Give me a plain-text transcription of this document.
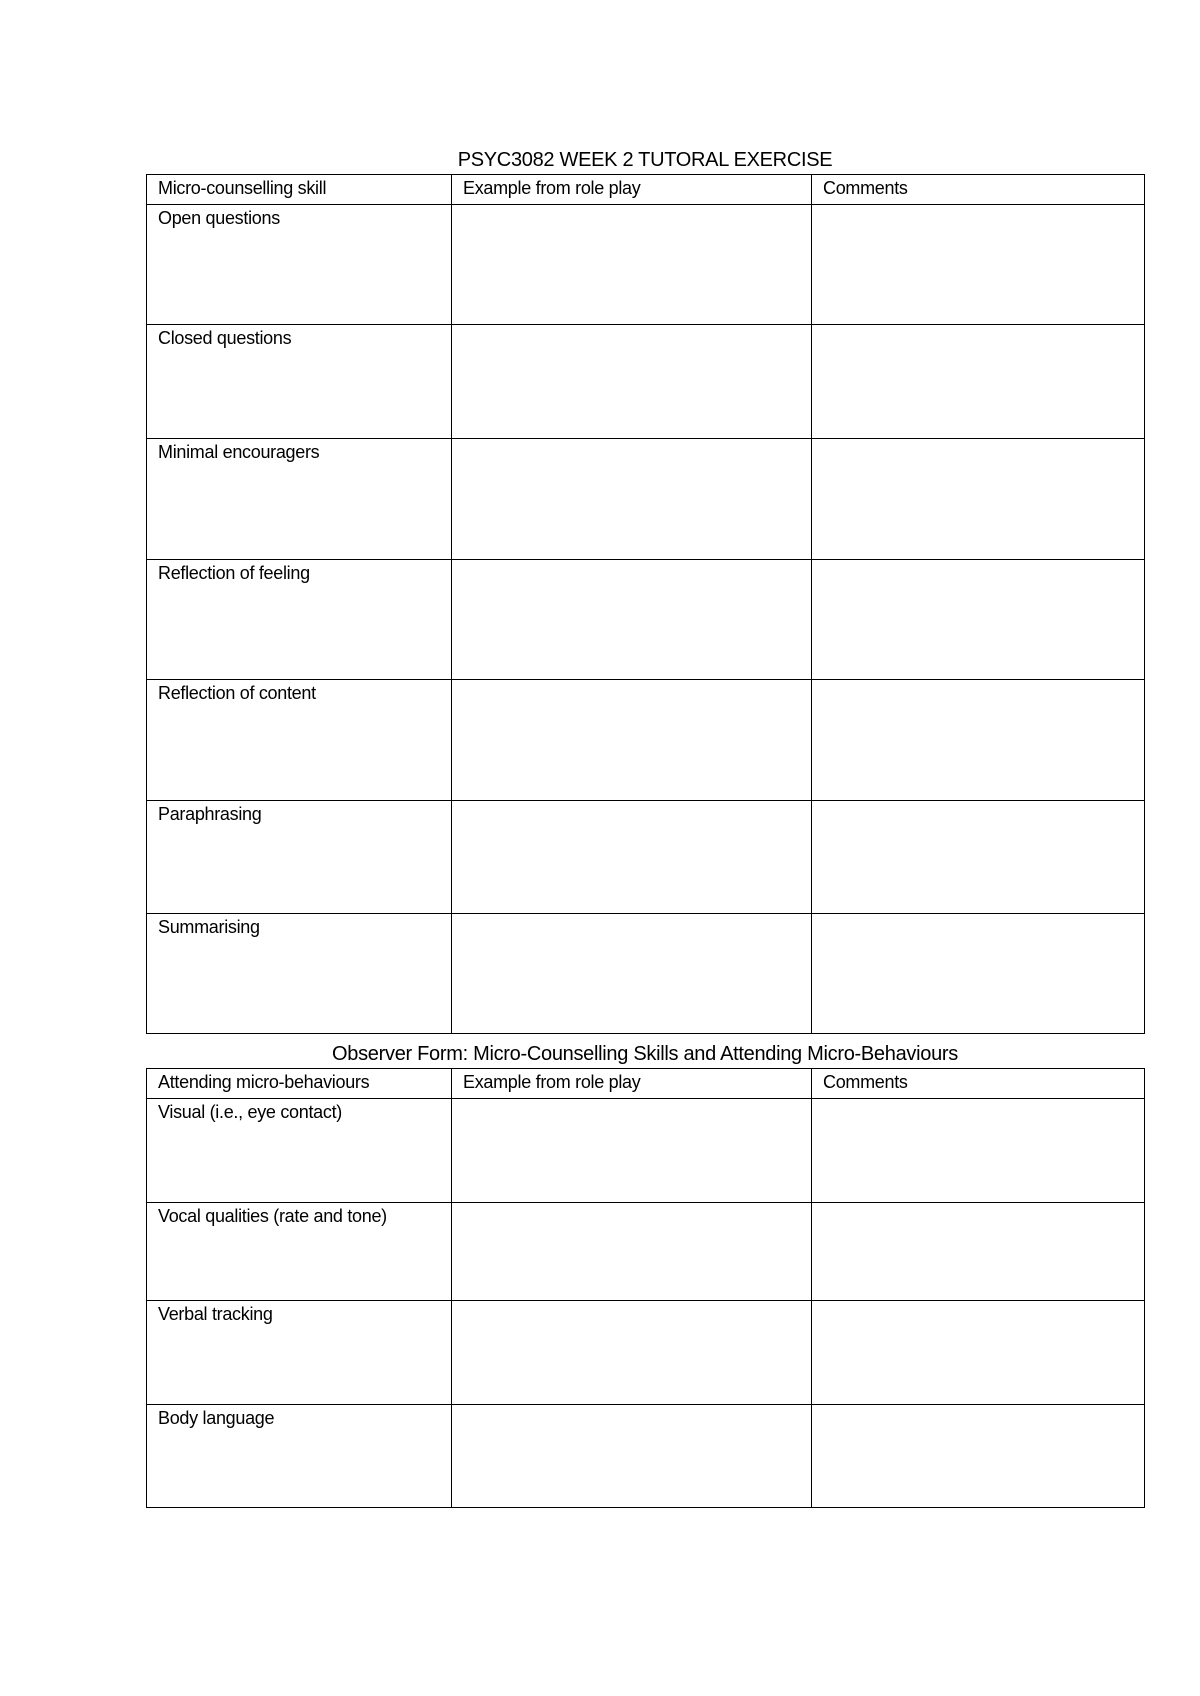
PSYC3082 WEEK 2 TUTORAL EXERCISE
Micro-counselling skill	Example from role play	Comments
Open questions		
Closed questions		
Minimal encouragers		
Reflection of feeling		
Reflection of content		
Paraphrasing		
Summarising		
Observer Form: Micro-Counselling Skills and Attending Micro-Behaviours
Attending micro-behaviours	Example from role play	Comments
Visual (i.e., eye contact)		
Vocal qualities (rate and tone)		
Verbal tracking		
Body language		
